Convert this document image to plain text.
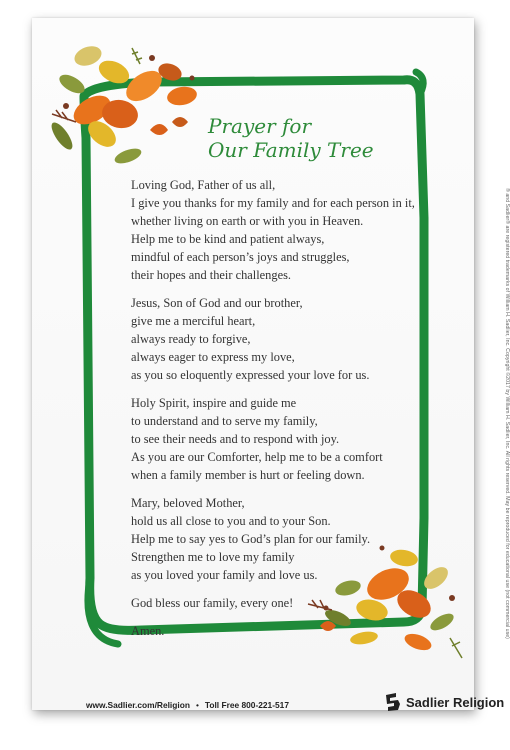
Prayer for
Our Family Tree

Loving God, Father of us all,
I give you thanks for my family and for each person in it,
whether living on earth or with you in Heaven.
Help me to be kind and patient always,
mindful of each person’s joys and struggles,
their hopes and their challenges.

Jesus, Son of God and our brother,
give me a merciful heart,
always ready to forgive,
always eager to express my love,
as you so eloquently expressed your love for us.

Holy Spirit, inspire and guide me
to understand and to serve my family,
to see their needs and to respond with joy.
As you are our Comforter, help me to be a comfort
when a family member is hurt or feeling down.

Mary, beloved Mother,
hold us all close to you and to your Son.
Help me to say yes to God’s plan for our family.
Strengthen me to love my family
as you loved your family and love us.

God bless our family, every one!
Amen.	® and Sadlier® are registered trademarks of William H. Sadlier, Inc. Copyright ©2017 by William H. Sadlier, Inc. All rights reserved. May be reproduced for educational use (not commercial use)
www.Sadlier.com/Religion • Toll Free 800-221-517	Sadlier Religion
